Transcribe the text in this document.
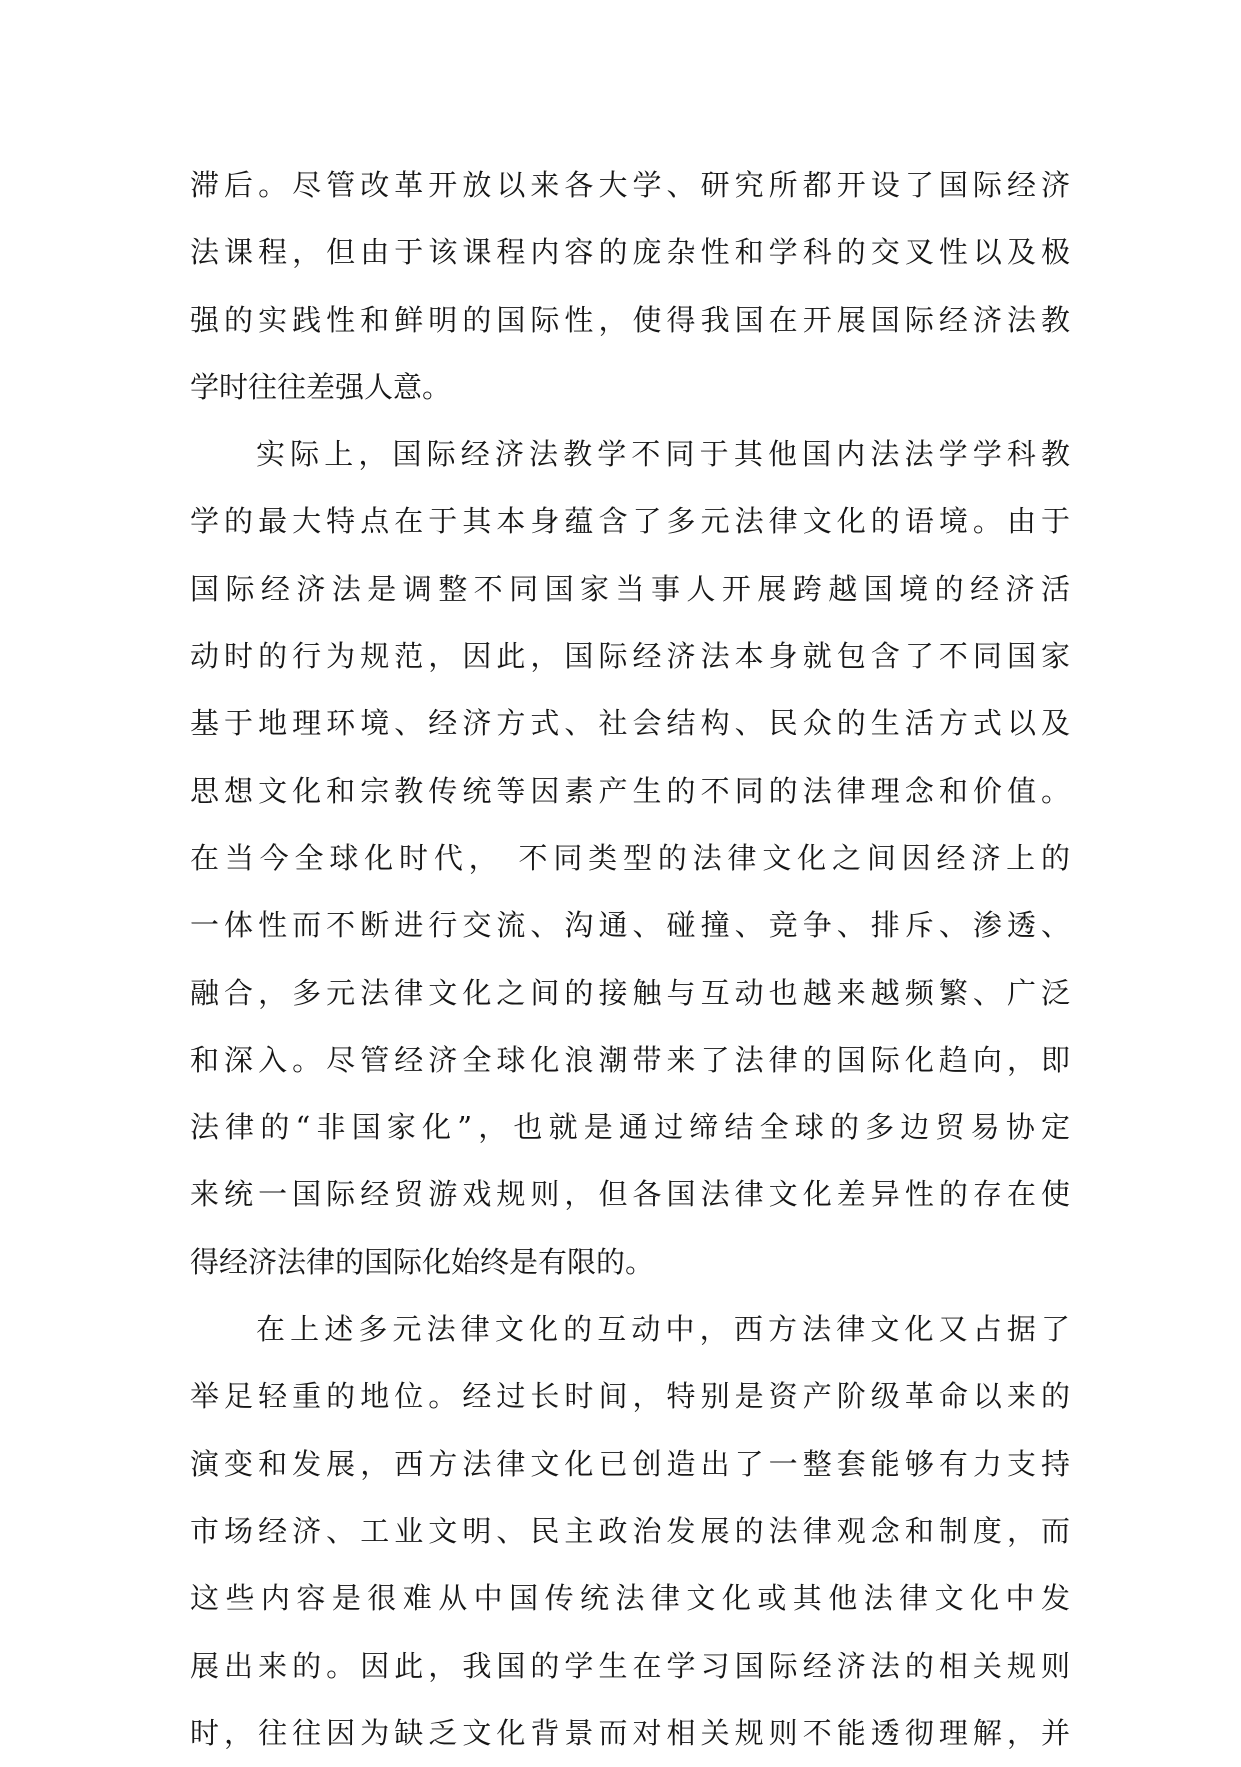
滞后。尽管改革开放以来各大学、研究所都开设了国际经济
法课程，但由于该课程内容的庞杂性和学科的交叉性以及极
强的实践性和鲜明的国际性，使得我国在开展国际经济法教
学时往往差强人意。
实际上，国际经济法教学不同于其他国内法法学学科教
学的最大特点在于其本身蕴含了多元法律文化的语境。由于
国际经济法是调整不同国家当事人开展跨越国境的经济活
动时的行为规范，因此，国际经济法本身就包含了不同国家
基于地理环境、经济方式、社会结构、民众的生活方式以及
思想文化和宗教传统等因素产生的不同的法律理念和价值。
在当今全球化时代， 不同类型的法律文化之间因经济上的
一体性而不断进行交流、沟通、碰撞、竞争、排斥、渗透、
融合，多元法律文化之间的接触与互动也越来越频繁、广泛
和深入。尽管经济全球化浪潮带来了法律的国际化趋向，即
法律的“非国家化”，也就是通过缔结全球的多边贸易协定
来统一国际经贸游戏规则，但各国法律文化差异性的存在使
得经济法律的国际化始终是有限的。
在上述多元法律文化的互动中，西方法律文化又占据了
举足轻重的地位。经过长时间，特别是资产阶级革命以来的
演变和发展，西方法律文化已创造出了一整套能够有力支持
市场经济、工业文明、民主政治发展的法律观念和制度，而
这些内容是很难从中国传统法律文化或其他法律文化中发
展出来的。因此，我国的学生在学习国际经济法的相关规则
时，往往因为缺乏文化背景而对相关规则不能透彻理解，并
